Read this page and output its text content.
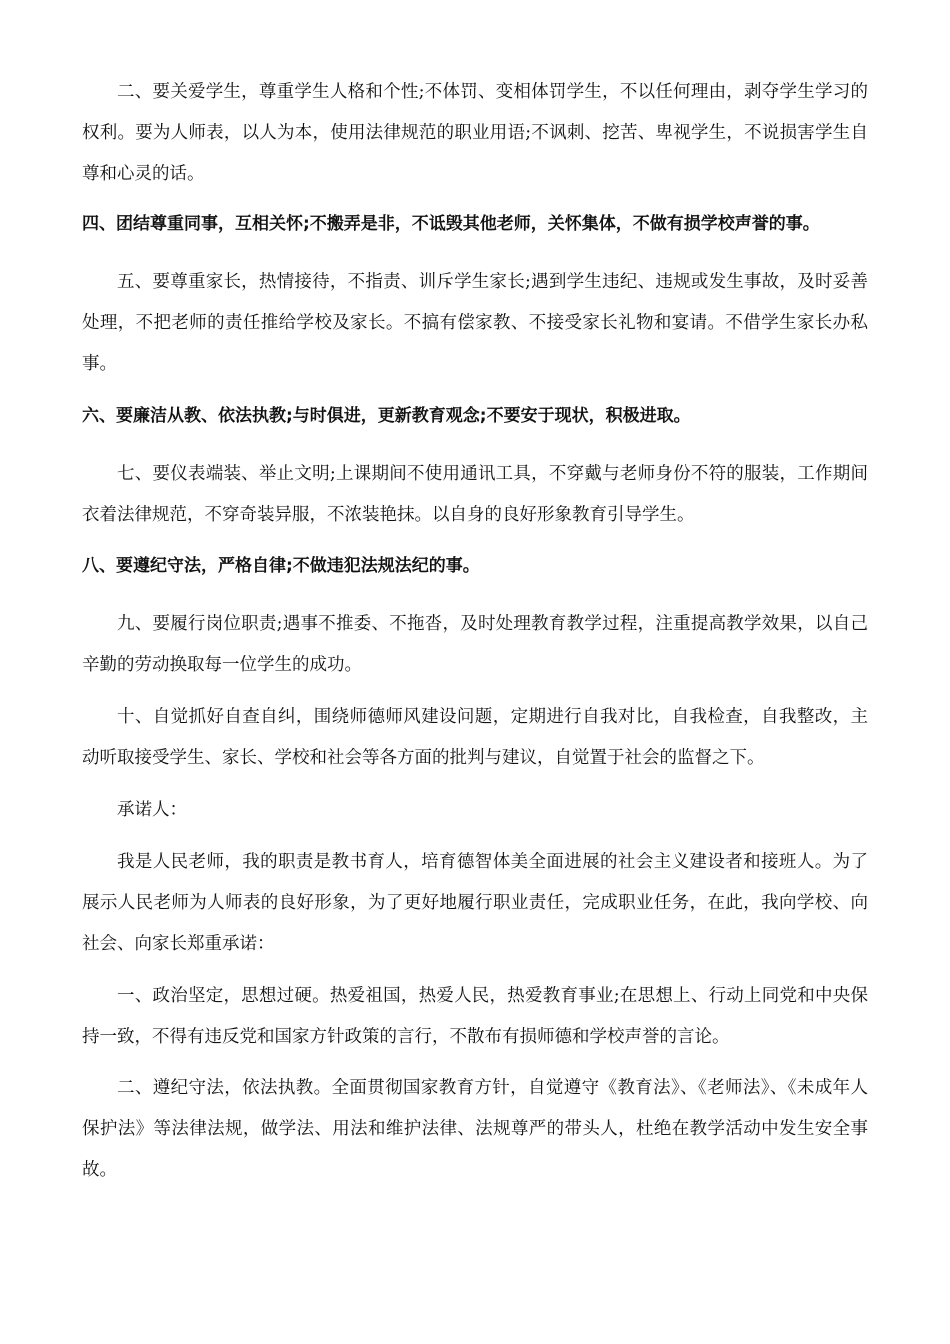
二、要关爱学生，尊重学生人格和个性;不体罚、变相体罚学生，不以任何理由，剥夺学生学习的权利。要为人师表，以人为本，使用法律规范的职业用语;不讽刺、挖苦、卑视学生，不说损害学生自尊和心灵的话。

四、团结尊重同事，互相关怀;不搬弄是非，不诋毁其他老师，关怀集体，不做有损学校声誉的事。

五、要尊重家长，热情接待，不指责、训斥学生家长;遇到学生违纪、违规或发生事故，及时妥善处理，不把老师的责任推给学校及家长。不搞有偿家教、不接受家长礼物和宴请。不借学生家长办私事。

六、要廉洁从教、依法执教;与时俱进，更新教育观念;不要安于现状，积极进取。

七、要仪表端装、举止文明;上课期间不使用通讯工具，不穿戴与老师身份不符的服装，工作期间衣着法律规范，不穿奇装异服，不浓装艳抹。以自身的良好形象教育引导学生。

八、要遵纪守法，严格自律;不做违犯法规法纪的事。

九、要履行岗位职责;遇事不推委、不拖沓，及时处理教育教学过程，注重提高教学效果，以自己辛勤的劳动换取每一位学生的成功。

十、自觉抓好自查自纠，围绕师德师风建设问题，定期进行自我对比，自我检查，自我整改，主动听取接受学生、家长、学校和社会等各方面的批判与建议，自觉置于社会的监督之下。

承诺人：

我是人民老师，我的职责是教书育人，培育德智体美全面进展的社会主义建设者和接班人。为了展示人民老师为人师表的良好形象，为了更好地履行职业责任，完成职业任务，在此，我向学校、向社会、向家长郑重承诺：

一、政治坚定，思想过硬。热爱祖国，热爱人民，热爱教育事业;在思想上、行动上同党和中央保持一致，不得有违反党和国家方针政策的言行，不散布有损师德和学校声誉的言论。

二、遵纪守法，依法执教。全面贯彻国家教育方针，自觉遵守《教育法》、《老师法》、《未成年人保护法》等法律法规，做学法、用法和维护法律、法规尊严的带头人，杜绝在教学活动中发生安全事故。
